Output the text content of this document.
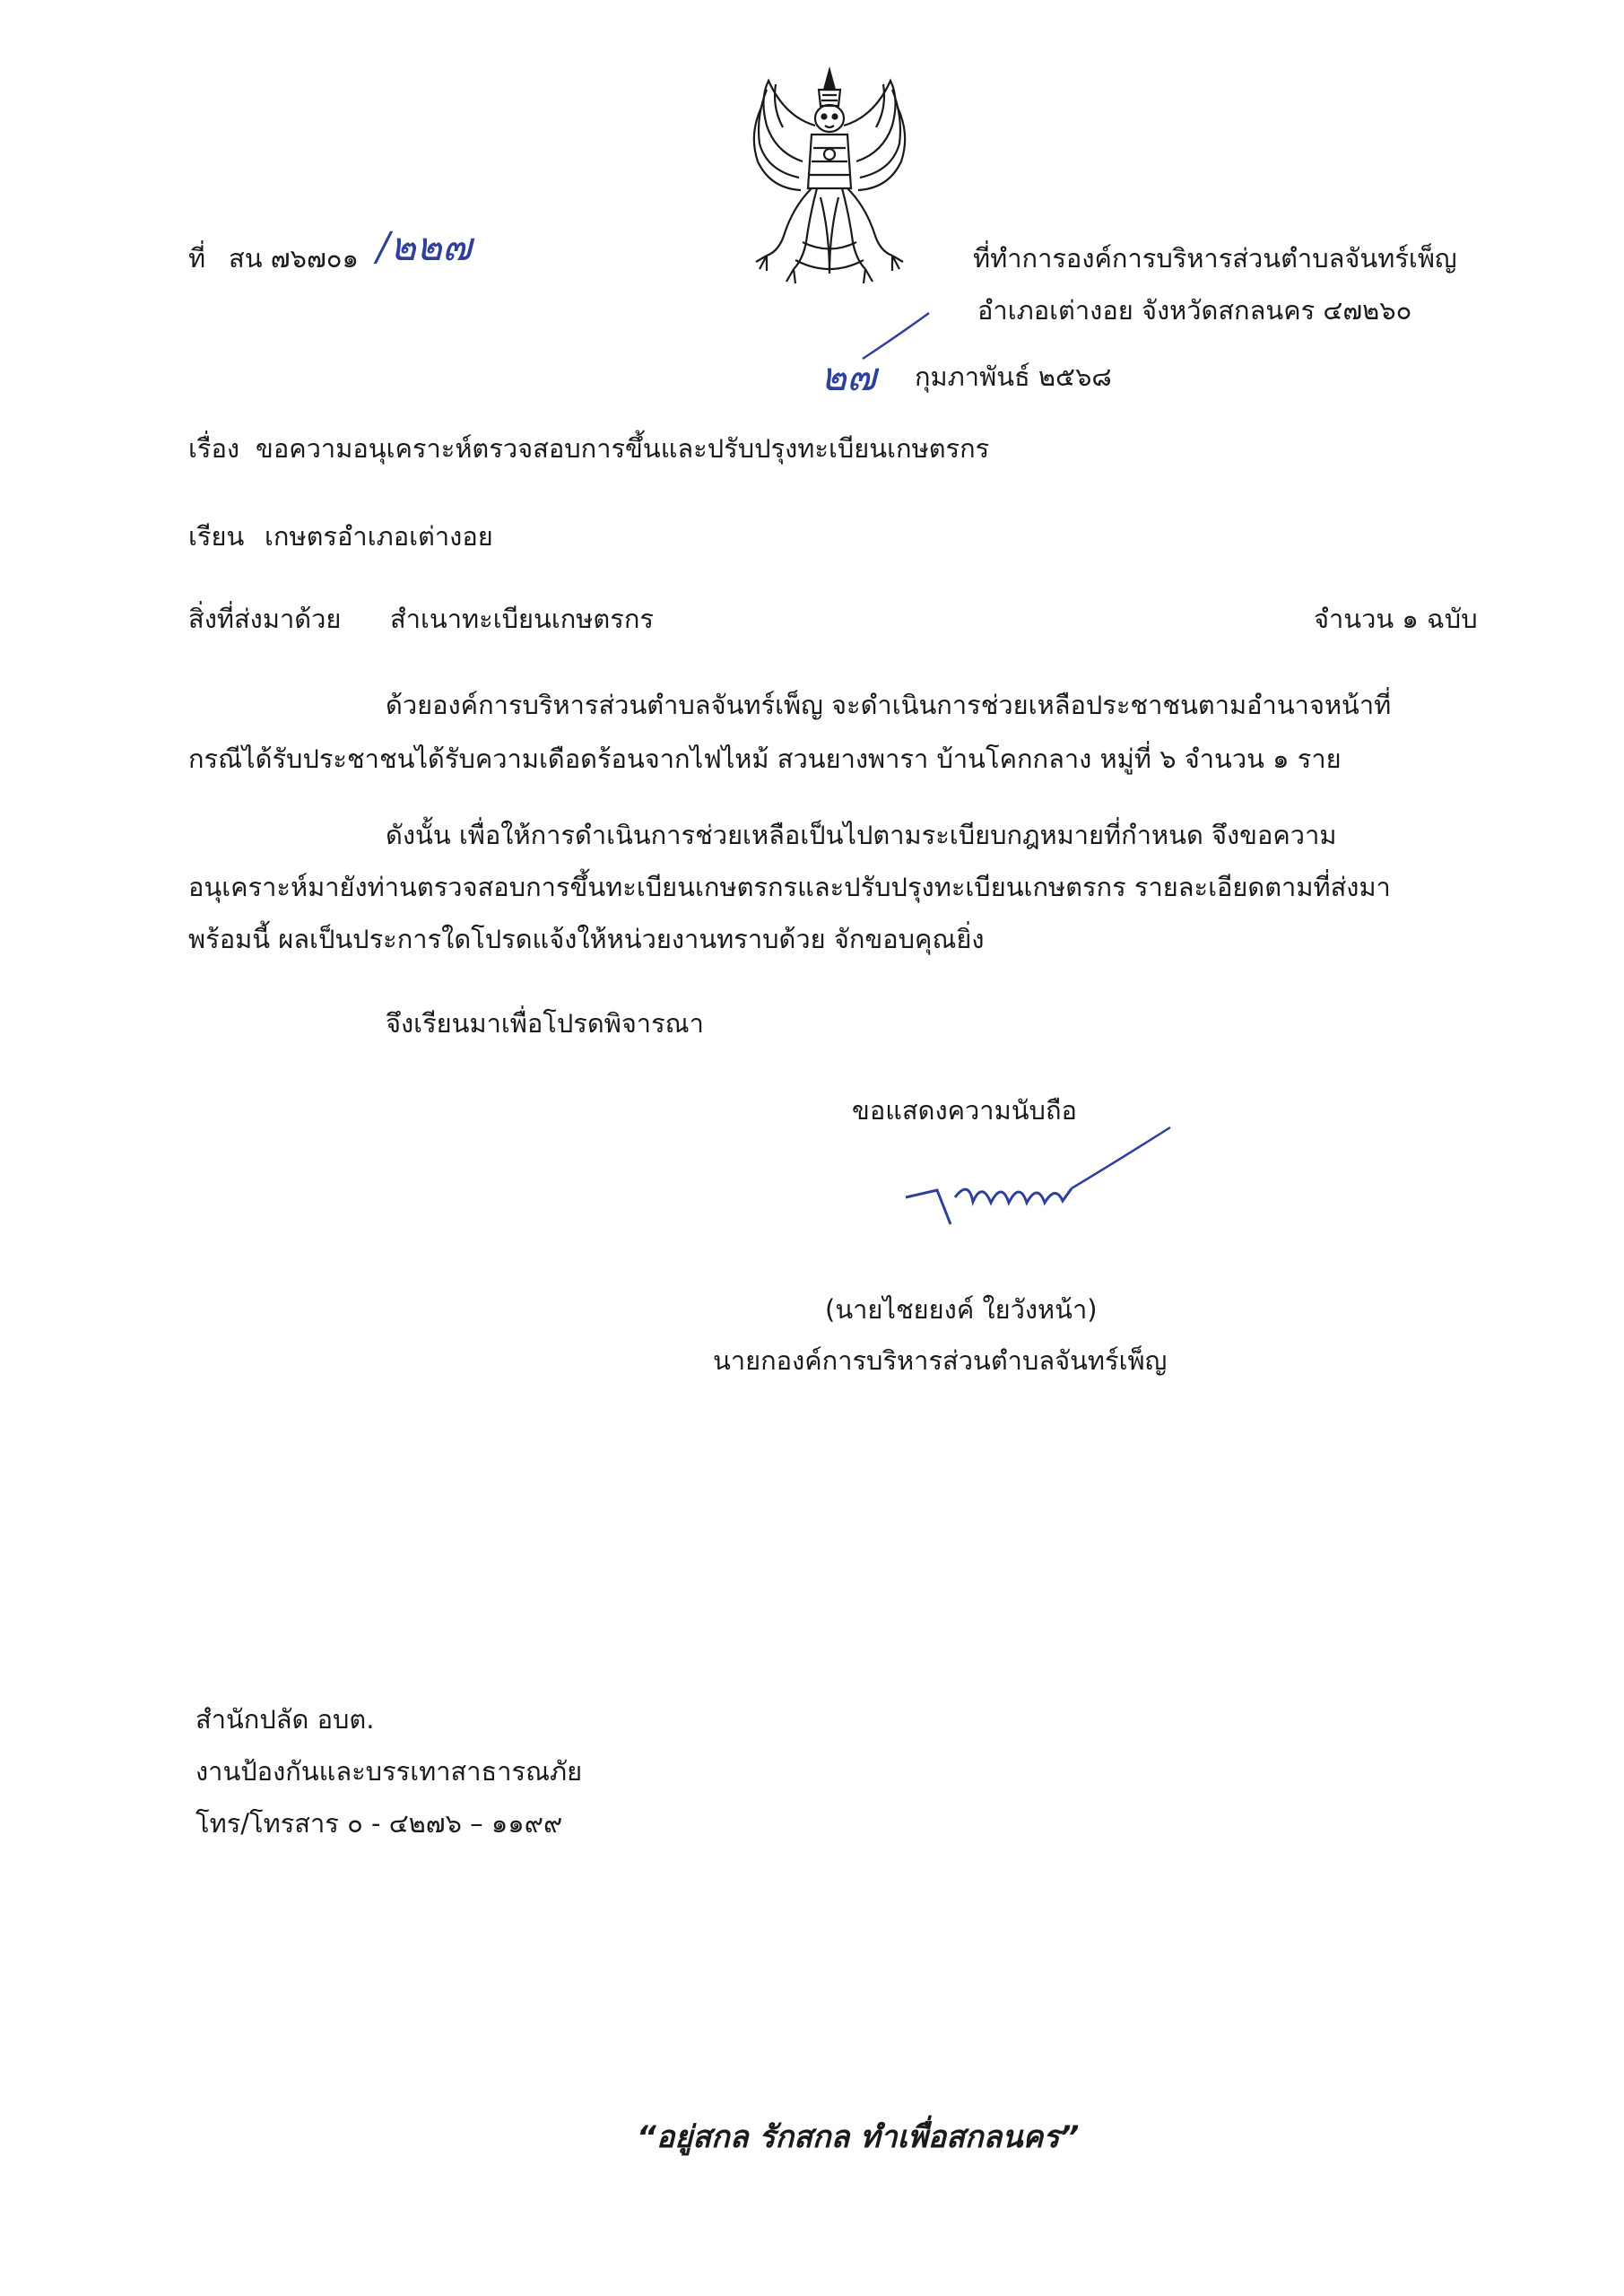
ที่ สน ๗๖๗๐๑ /๒๒๗	ที่ทำการองค์การบริหารส่วนตำบลจันทร์เพ็ญ
อำเภอเต่างอย จังหวัดสกลนคร ๔๗๒๖๐
๒๗ กุมภาพันธ์ ๒๕๖๘
เรื่อง ขอความอนุเคราะห์ตรวจสอบการขึ้นและปรับปรุงทะเบียนเกษตรกร
เรียน เกษตรอำเภอเต่างอย
สิ่งที่ส่งมาด้วย สำเนาทะเบียนเกษตรกร	จำนวน ๑ ฉบับ
ด้วยองค์การบริหารส่วนตำบลจันทร์เพ็ญ จะดำเนินการช่วยเหลือประชาชนตามอำนาจหน้าที่
กรณีได้รับประชาชนได้รับความเดือดร้อนจากไฟไหม้ สวนยางพารา บ้านโคกกลาง หมู่ที่ ๖ จำนวน ๑ ราย
ดังนั้น เพื่อให้การดำเนินการช่วยเหลือเป็นไปตามระเบียบกฎหมายที่กำหนด จึงขอความ
อนุเคราะห์มายังท่านตรวจสอบการขึ้นทะเบียนเกษตรกรและปรับปรุงทะเบียนเกษตรกร รายละเอียดตามที่ส่งมา
พร้อมนี้ ผลเป็นประการใดโปรดแจ้งให้หน่วยงานทราบด้วย จักขอบคุณยิ่ง
จึงเรียนมาเพื่อโปรดพิจารณา
ขอแสดงความนับถือ
(นายไชยยงค์ ใยวังหน้า)
นายกองค์การบริหารส่วนตำบลจันทร์เพ็ญ
สำนักปลัด อบต.
งานป้องกันและบรรเทาสาธารณภัย
โทร/โทรสาร ๐ - ๔๒๗๖ – ๑๑๙๙
“อยู่สกล รักสกล ทำเพื่อสกลนคร”
